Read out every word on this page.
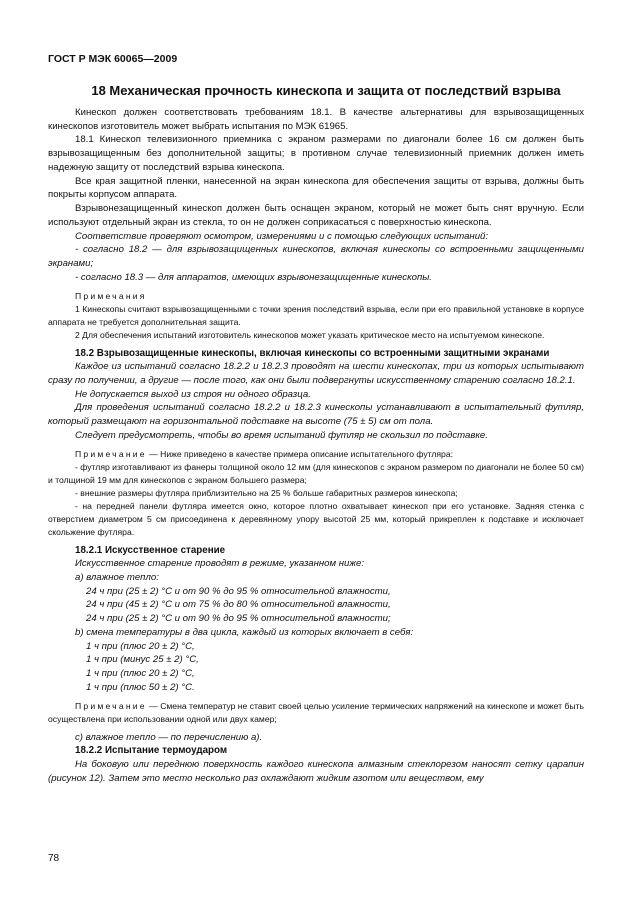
ГОСТ Р МЭК 60065—2009
18 Механическая прочность кинескопа и защита от последствий взрыва

Кинескоп должен соответствовать требованиям 18.1. В качестве альтернативы для взрывозащищенных кинескопов изготовитель может выбрать испытания по МЭК 61965.

18.1 Кинескоп телевизионного приемника с экраном размерами по диагонали более 16 см должен быть взрывозащищенным без дополнительной защиты; в противном случае телевизионный приемник должен иметь надежную защиту от последствий взрыва кинескопа.

Все края защитной пленки, нанесенной на экран кинескопа для обеспечения защиты от взрыва, должны быть покрыты корпусом аппарата.

Взрывонезащищенный кинескоп должен быть оснащен экраном, который не может быть снят вручную. Если используют отдельный экран из стекла, то он не должен соприкасаться с поверхностью кинескопа.

Соответствие проверяют осмотром, измерениями и с помощью следующих испытаний:

- согласно 18.2 — для взрывозащищенных кинескопов, включая кинескопы со встроенными защищенными экранами;

- согласно 18.3 — для аппаратов, имеющих взрывонезащищенные кинескопы.

Примечания

1 Кинескопы считают взрывозащищенными с точки зрения последствий взрыва, если при его правильной установке в корпусе аппарата не требуется дополнительная защита.

2 Для обеспечения испытаний изготовитель кинескопов может указать критическое место на испытуемом кинескопе.

18.2 Взрывозащищенные кинескопы, включая кинескопы со встроенными защитными экранами

Каждое из испытаний согласно 18.2.2 и 18.2.3 проводят на шести кинескопах, три из которых испытывают сразу по получении, а другие — после того, как они были подвергнуты искусственному старению согласно 18.2.1.

Не допускается выход из строя ни одного образца.

Для проведения испытаний согласно 18.2.2 и 18.2.3 кинескопы устанавливают в испытательный футляр, который размещают на горизонтальной подставке на высоте (75 ± 5) см от пола.

Следует предусмотреть, чтобы во время испытаний футляр не скользил по подставке.

Примечание — Ниже приведено в качестве примера описание испытательного футляра:

- футляр изготавливают из фанеры толщиной около 12 мм (для кинескопов с экраном размером по диагонали не более 50 см) и толщиной 19 мм для кинескопов с экраном большего размера;

- внешние размеры футляра приблизительно на 25 % больше габаритных размеров кинескопа;

- на передней панели футляра имеется окно, которое плотно охватывает кинескоп при его установке. Задняя стенка с отверстием диаметром 5 см присоединена к деревянному упору высотой 25 мм, который прикреплен к подставке и исключает скольжение футляра.

18.2.1 Искусственное старение

Искусственное старение проводят в режиме, указанном ниже:

a) влажное тепло:

24 ч при (25 ± 2) °С и от 90 % до 95 % относительной влажности,

24 ч при (45 ± 2) °С и от 75 % до 80 % относительной влажности,

24 ч при (25 ± 2) °С и от 90 % до 95 % относительной влажности;

b) смена температуры в два цикла, каждый из которых включает в себя:

1 ч при (плюс 20 ± 2) °С,

1 ч при (минус 25 ± 2) °С,

1 ч при (плюс 20 ± 2) °С,

1 ч при (плюс 50 ± 2) °С.

Примечание — Смена температур не ставит своей целью усиление термических напряжений на кинескопе и может быть осуществлена при использовании одной или двух камер;

c) влажное тепло — по перечислению a).

18.2.2 Испытание термоударом

На боковую или переднюю поверхность каждого кинескопа алмазным стеклорезом наносят сетку царапин (рисунок 12). Затем это место несколько раз охлаждают жидким азотом или веществом, ему

78
